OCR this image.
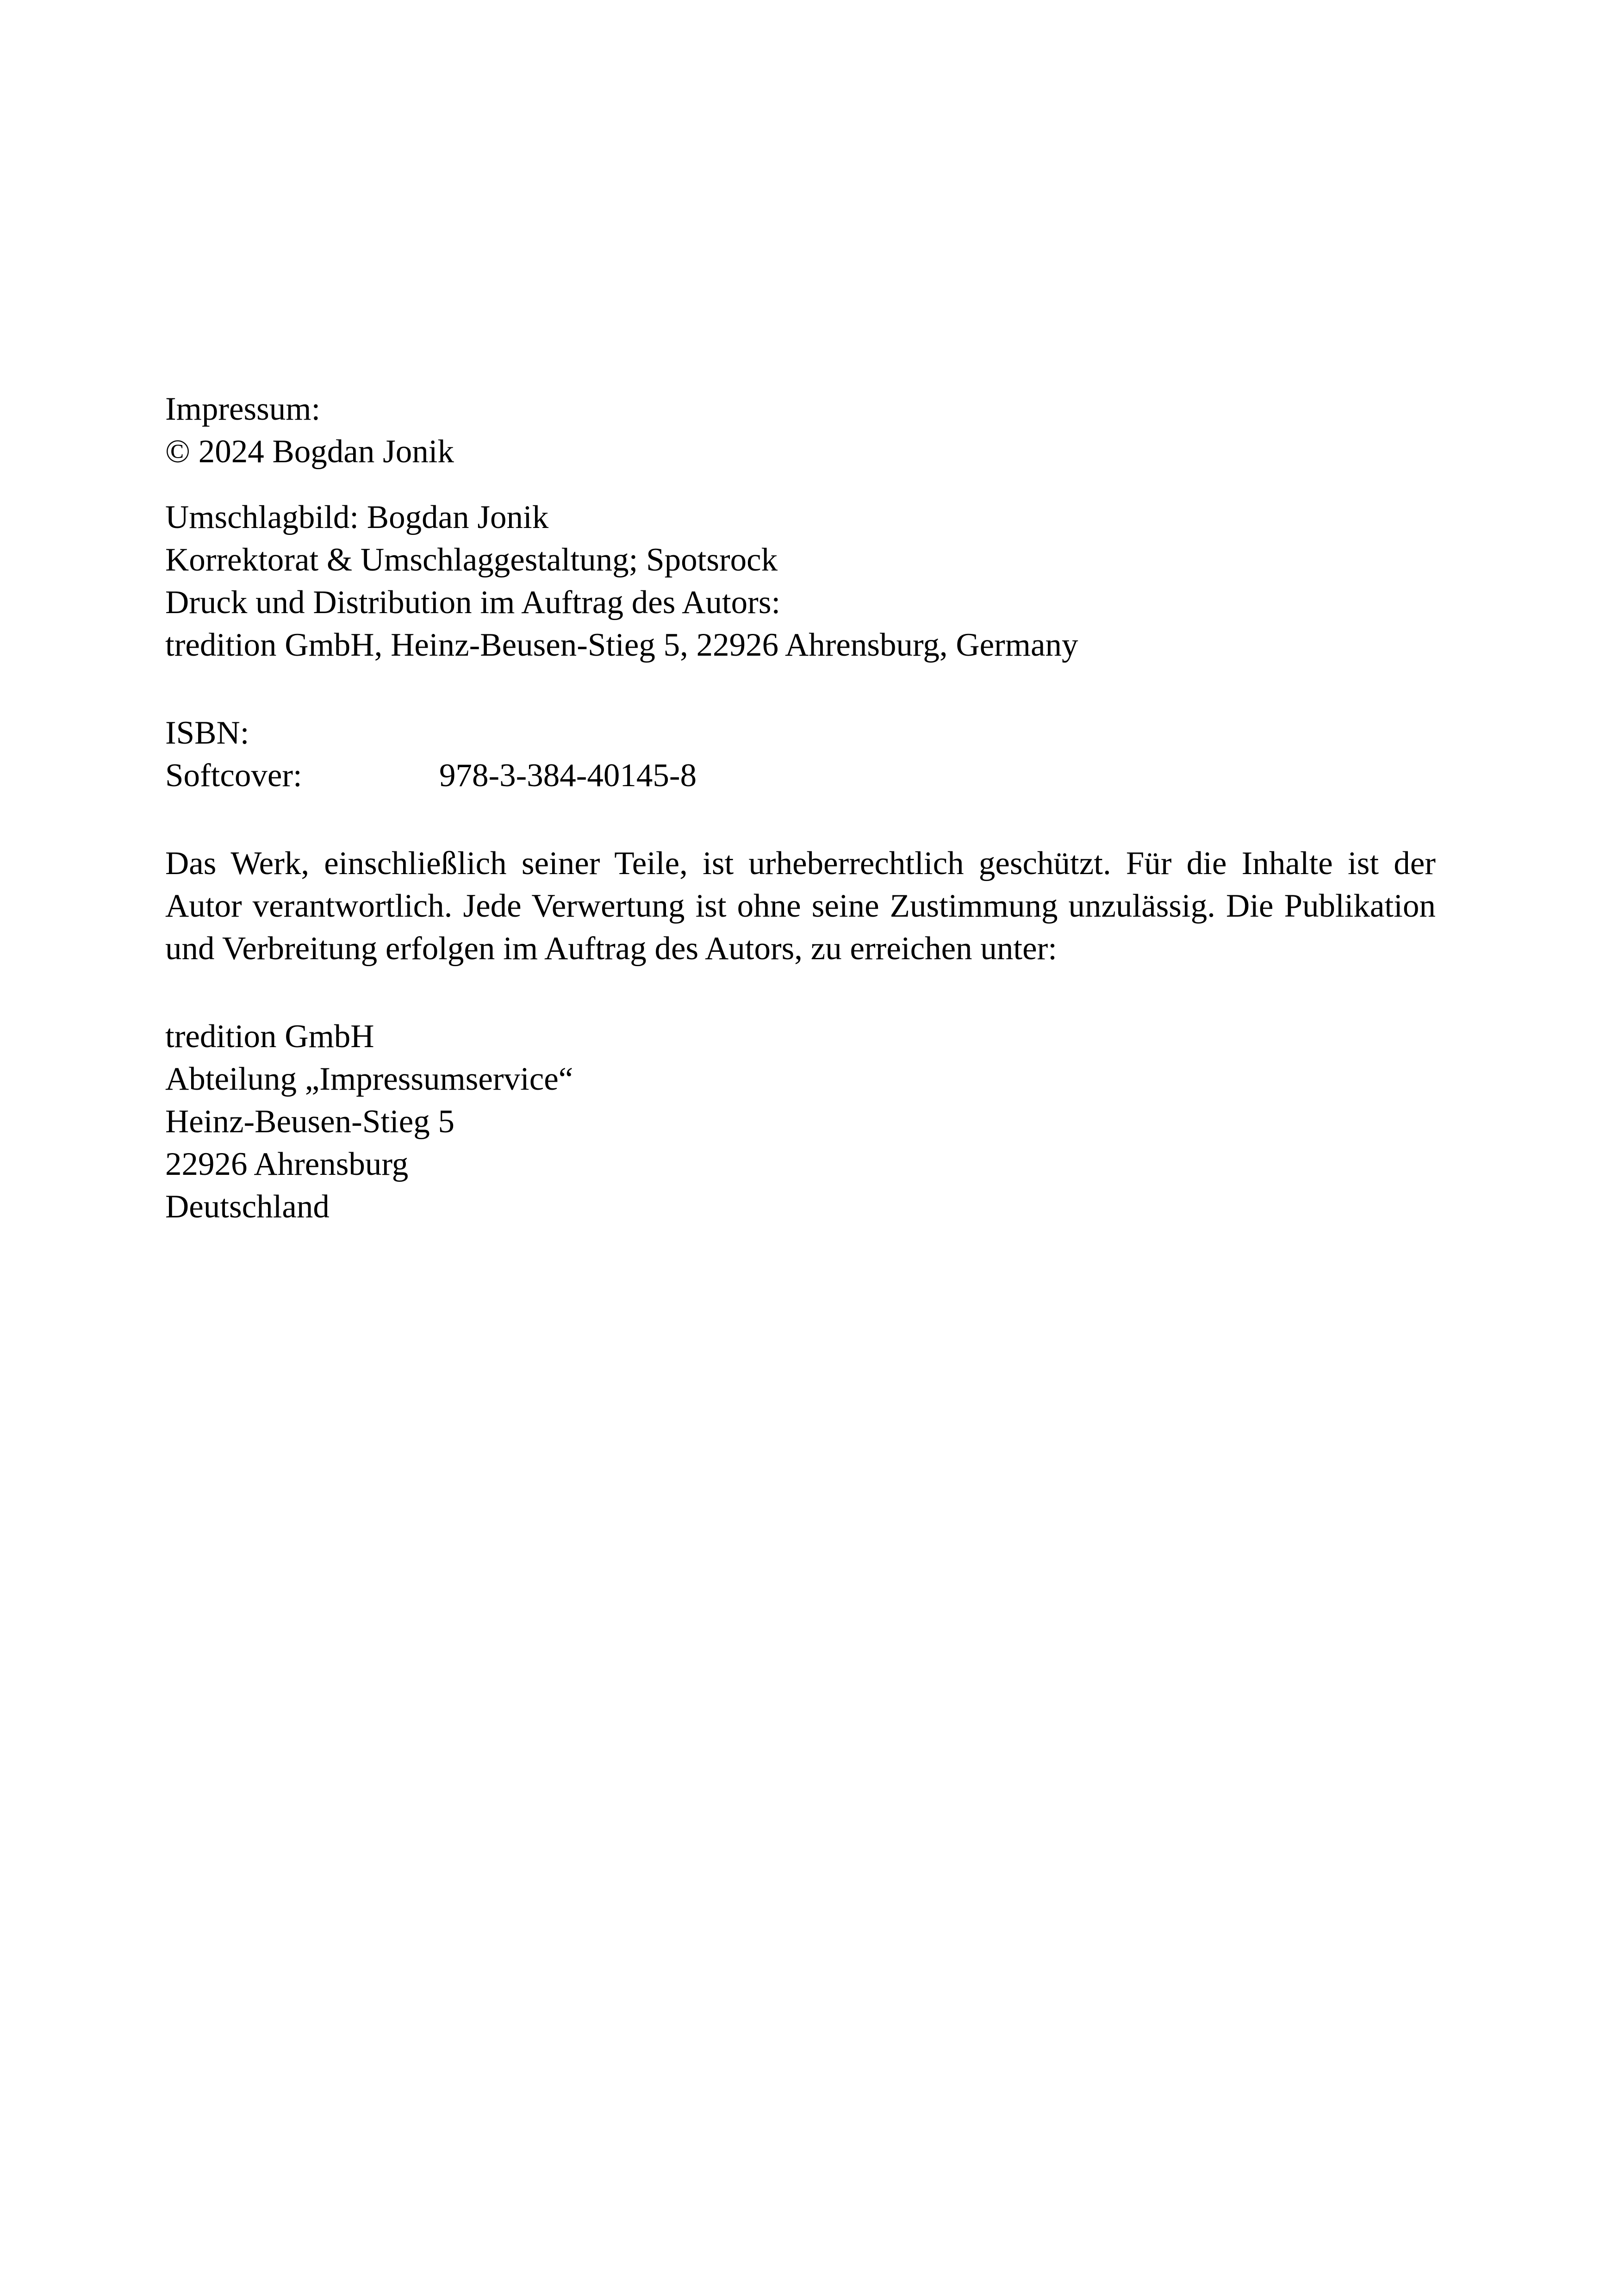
Impressum:
© 2024 Bogdan Jonik
Umschlagbild: Bogdan Jonik
Korrektorat & Umschlaggestaltung; Spotsrock
Druck und Distribution im Auftrag des Autors:
tredition GmbH, Heinz-Beusen-Stieg 5, 22926 Ahrensburg, Germany
ISBN:
Softcover:	978-3-384-40145-8

Das Werk, einschließlich seiner Teile, ist urheberrechtlich geschützt. Für die Inhalte ist der Autor verantwortlich. Jede Verwertung ist ohne seine Zustimmung unzulässig. Die Publikation und Verbreitung erfolgen im Auftrag des Autors, zu erreichen unter:

tredition GmbH
Abteilung „Impressumservice“
Heinz-Beusen-Stieg 5
22926 Ahrensburg
Deutschland
